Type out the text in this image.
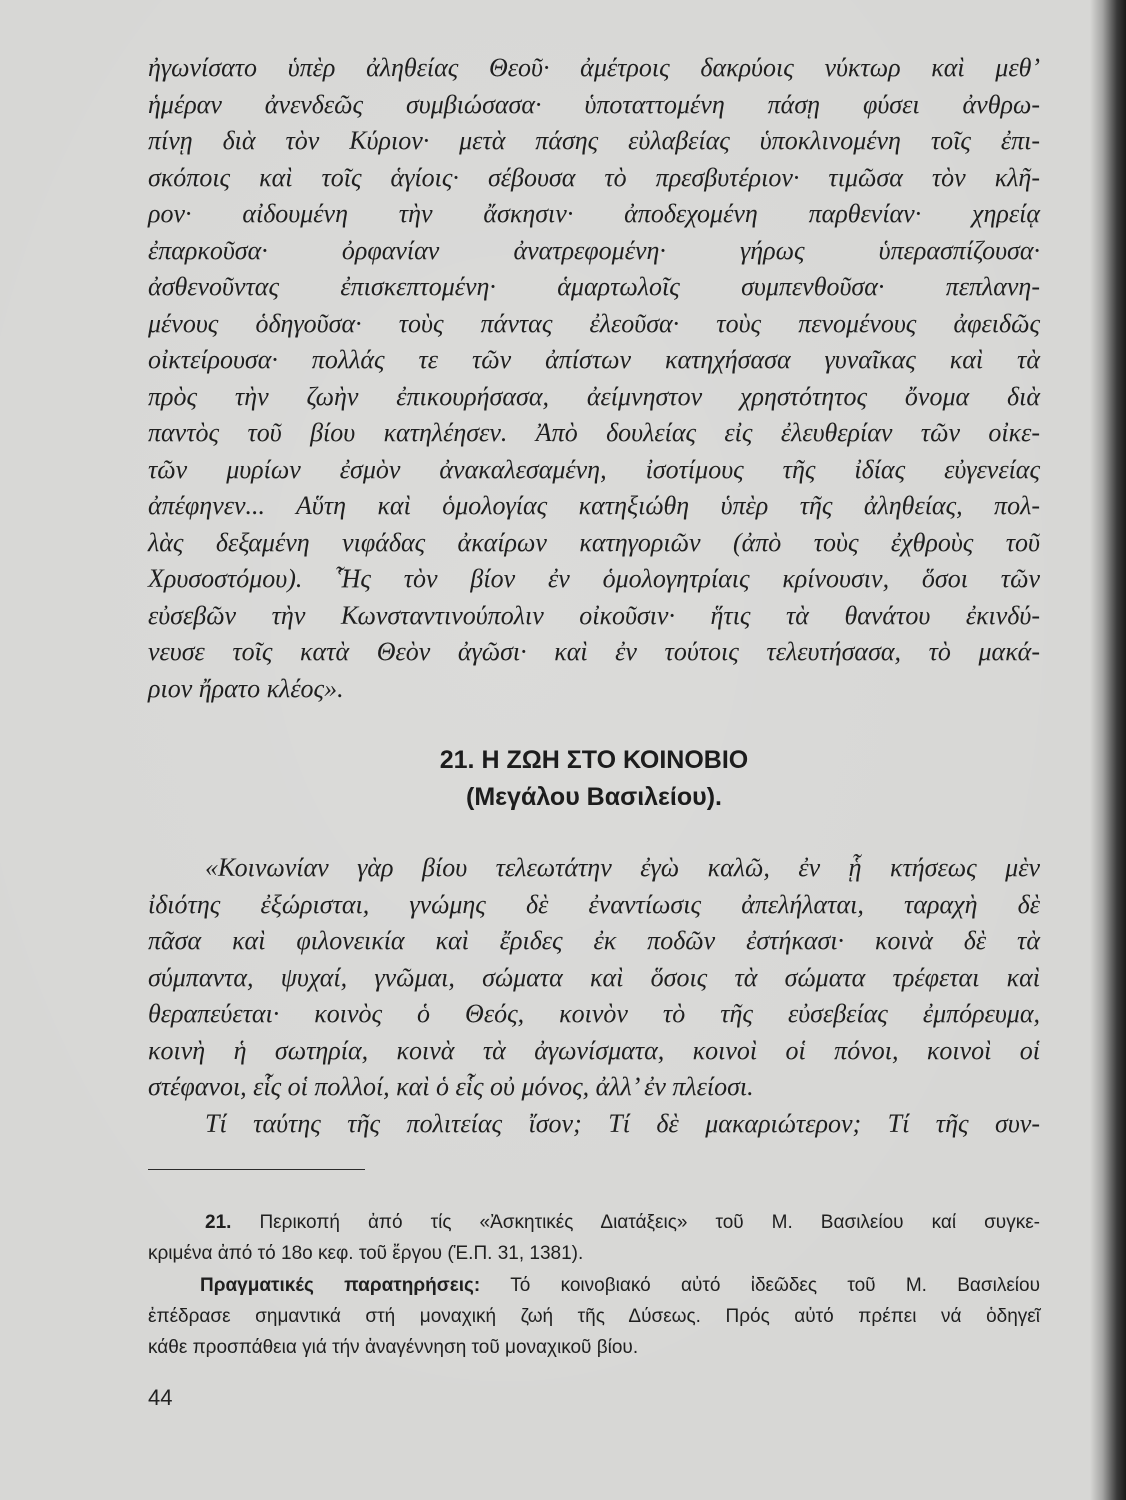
ἠγωνίσατο ὑπὲρ ἀληθείας Θεοῦ· ἀμέτροις δακρύοις νύκτωρ καὶ μεθ’
ἡμέραν ἀνενδεῶς συμβιώσασα· ὑποταττομένη πάσῃ φύσει ἀνθρω-
πίνῃ διὰ τὸν Κύριον· μετὰ πάσης εὐλαβείας ὑποκλινομένη τοῖς ἐπι-
σκόποις καὶ τοῖς ἁγίοις· σέβουσα τὸ πρεσβυτέριον· τιμῶσα τὸν κλῆ-
ρον· αἰδουμένη τὴν ἄσκησιν· ἀποδεχομένη παρθενίαν· χηρείᾳ
ἐπαρκοῦσα· ὀρφανίαν ἀνατρεφομένη· γήρως ὑπερασπίζουσα·
ἀσθενοῦντας ἐπισκεπτομένη· ἁμαρτωλοῖς συμπενθοῦσα· πεπλανη-
μένους ὁδηγοῦσα· τοὺς πάντας ἐλεοῦσα· τοὺς πενομένους ἀφειδῶς
οἰκτείρουσα· πολλάς τε τῶν ἀπίστων κατηχήσασα γυναῖκας καὶ τὰ
πρὸς τὴν ζωὴν ἐπικουρήσασα, ἀείμνηστον χρηστότητος ὄνομα διὰ
παντὸς τοῦ βίου κατηλέησεν. Ἀπὸ δουλείας εἰς ἐλευθερίαν τῶν οἰκε-
τῶν μυρίων ἐσμὸν ἀνακαλεσαμένη, ἰσοτίμους τῆς ἰδίας εὐγενείας
ἀπέφηνεν... Αὕτη καὶ ὁμολογίας κατηξιώθη ὑπὲρ τῆς ἀληθείας, πολ-
λὰς δεξαμένη νιφάδας ἀκαίρων κατηγοριῶν (ἀπὸ τοὺς ἐχθροὺς τοῦ
Χρυσοστόμου). Ἧς τὸν βίον ἐν ὁμολογητρίαις κρίνουσιν, ὅσοι τῶν
εὐσεβῶν τὴν Κωνσταντινούπολιν οἰκοῦσιν· ἥτις τὰ θανάτου ἐκινδύ-
νευσε τοῖς κατὰ Θεὸν ἀγῶσι· καὶ ἐν τούτοις τελευτήσασα, τὸ μακά-
ριον ἤρατο κλέος».
21. Η ΖΩΗ ΣΤΟ ΚΟΙΝΟΒΙΟ
(Μεγάλου Βασιλείου).
«Κοινωνίαν γὰρ βίου τελεωτάτην ἐγὼ καλῶ, ἐν ᾗ κτήσεως μὲν
ἰδιότης ἐξώρισται, γνώμης δὲ ἐναντίωσις ἀπελήλαται, ταραχὴ δὲ
πᾶσα καὶ φιλονεικία καὶ ἔριδες ἐκ ποδῶν ἐστήκασι· κοινὰ δὲ τὰ
σύμπαντα, ψυχαί, γνῶμαι, σώματα καὶ ὅσοις τὰ σώματα τρέφεται καὶ
θεραπεύεται· κοινὸς ὁ Θεός, κοινὸν τὸ τῆς εὐσεβείας ἐμπόρευμα,
κοινὴ ἡ σωτηρία, κοινὰ τὰ ἀγωνίσματα, κοινοὶ οἱ πόνοι, κοινοὶ οἱ
στέφανοι, εἷς οἱ πολλοί, καὶ ὁ εἷς οὐ μόνος, ἀλλ’ ἐν πλείοσι.
Τί ταύτης τῆς πολιτείας ἴσον; Τί δὲ μακαριώτερον; Τί τῆς συν-
21. Περικοπή ἀπό τίς «Ἀσκητικές Διατάξεις» τοῦ Μ. Βασιλείου καί συγκε-
κριμένα ἀπό τό 18ο κεφ. τοῦ ἔργου (Ἑ.Π. 31, 1381).
Πραγματικές παρατηρήσεις: Τό κοινοβιακό αὐτό ἰδεῶδες τοῦ Μ. Βασιλείου
ἐπέδρασε σημαντικά στή μοναχική ζωή τῆς Δύσεως. Πρός αὐτό πρέπει νά ὁδηγεῖ
κάθε προσπάθεια γιά τήν ἀναγέννηση τοῦ μοναχικοῦ βίου.
44
